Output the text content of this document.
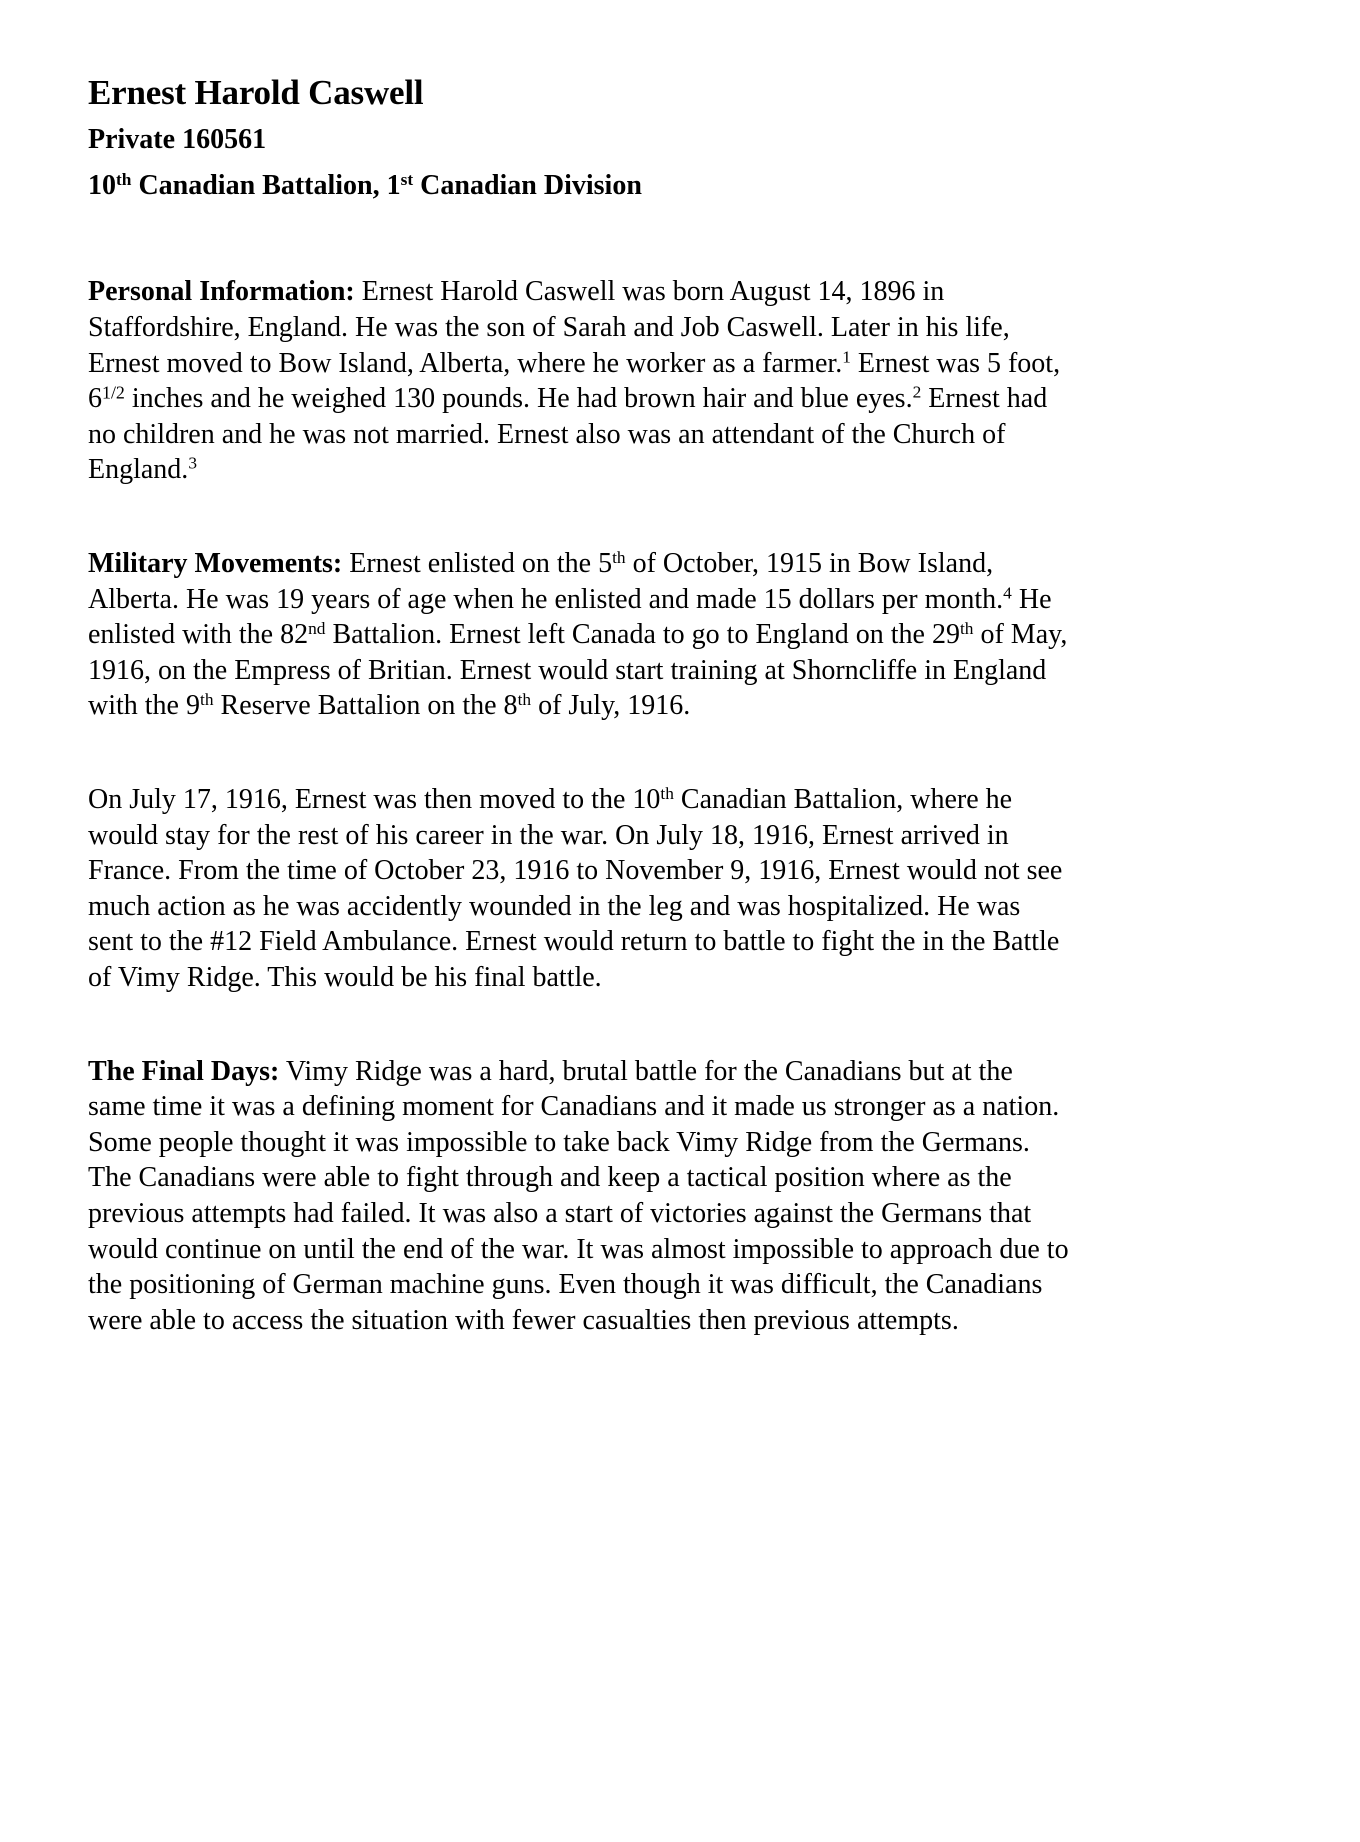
Ernest Harold Caswell
Private 160561
10th Canadian Battalion, 1st Canadian Division

Personal Information: Ernest Harold Caswell was born August 14, 1896 in Staffordshire, England. He was the son of Sarah and Job Caswell. Later in his life, Ernest moved to Bow Island, Alberta, where he worker as a farmer.$^1$ Ernest was 5 foot, $6^{1/2}$ inches and he weighed 130 pounds. He had brown hair and blue eyes.$^2$ Ernest had no children and he was not married. Ernest also was an attendant of the Church of England.$^3$

Military Movements: Ernest enlisted on the 5th of October, 1915 in Bow Island, Alberta. He was 19 years of age when he enlisted and made 15 dollars per month.$^4$ He enlisted with the 82nd Battalion. Ernest left Canada to go to England on the 29th of May, 1916, on the Empress of Britian. Ernest would start training at Shorncliffe in England with the 9th Reserve Battalion on the 8th of July, 1916.

On July 17, 1916, Ernest was then moved to the 10th Canadian Battalion, where he would stay for the rest of his career in the war. On July 18, 1916, Ernest arrived in France. From the time of October 23, 1916 to November 9, 1916, Ernest would not see much action as he was accidently wounded in the leg and was hospitalized. He was sent to the #12 Field Ambulance. Ernest would return to battle to fight the in the Battle of Vimy Ridge. This would be his final battle.

The Final Days: Vimy Ridge was a hard, brutal battle for the Canadians but at the same time it was a defining moment for Canadians and it made us stronger as a nation. Some people thought it was impossible to take back Vimy Ridge from the Germans. The Canadians were able to fight through and keep a tactical position where as the previous attempts had failed. It was also a start of victories against the Germans that would continue on until the end of the war. It was almost impossible to approach due to the positioning of German machine guns. Even though it was difficult, the Canadians were able to access the situation with fewer casualties then previous attempts.
